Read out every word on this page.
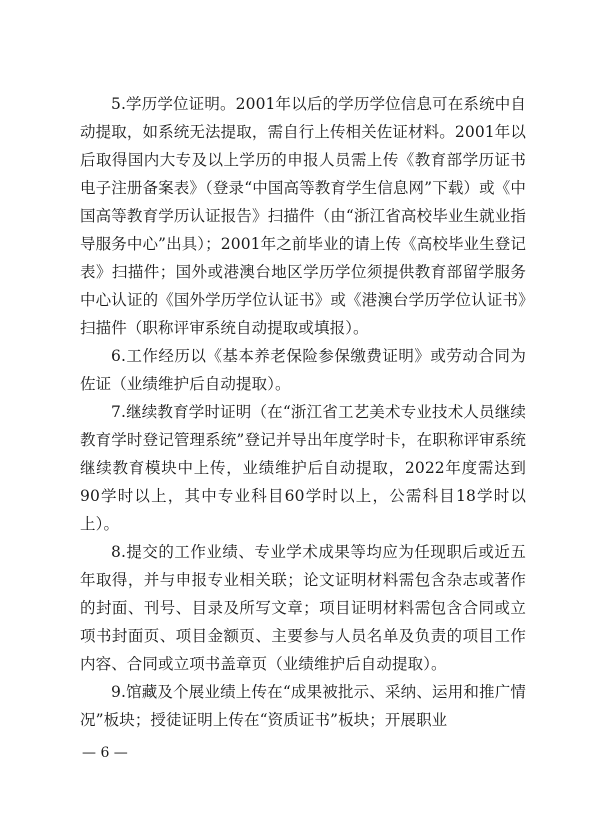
5.学历学位证明。2001年以后的学历学位信息可在系统中自动提取，如系统无法提取，需自行上传相关佐证材料。2001年以后取得国内大专及以上学历的申报人员需上传《教育部学历证书电子注册备案表》（登录“中国高等教育学生信息网”下载）或《中国高等教育学历认证报告》扫描件（由“浙江省高校毕业生就业指导服务中心”出具）；2001年之前毕业的请上传《高校毕业生登记表》扫描件；国外或港澳台地区学历学位须提供教育部留学服务中心认证的《国外学历学位认证书》或《港澳台学历学位认证书》扫描件（职称评审系统自动提取或填报）。

6.工作经历以《基本养老保险参保缴费证明》或劳动合同为佐证（业绩维护后自动提取）。

7.继续教育学时证明（在“浙江省工艺美术专业技术人员继续教育学时登记管理系统”登记并导出年度学时卡，在职称评审系统继续教育模块中上传，业绩维护后自动提取，2022年度需达到90学时以上，其中专业科目60学时以上，公需科目18学时以上）。

8.提交的工作业绩、专业学术成果等均应为任现职后或近五年取得，并与申报专业相关联；论文证明材料需包含杂志或著作的封面、刊号、目录及所写文章；项目证明材料需包含合同或立项书封面页、项目金额页、主要参与人员名单及负责的项目工作内容、合同或立项书盖章页（业绩维护后自动提取）。

9.馆藏及个展业绩上传在“成果被批示、采纳、运用和推广情况”板块；授徒证明上传在“资质证书”板块；开展职业

— 6 —
